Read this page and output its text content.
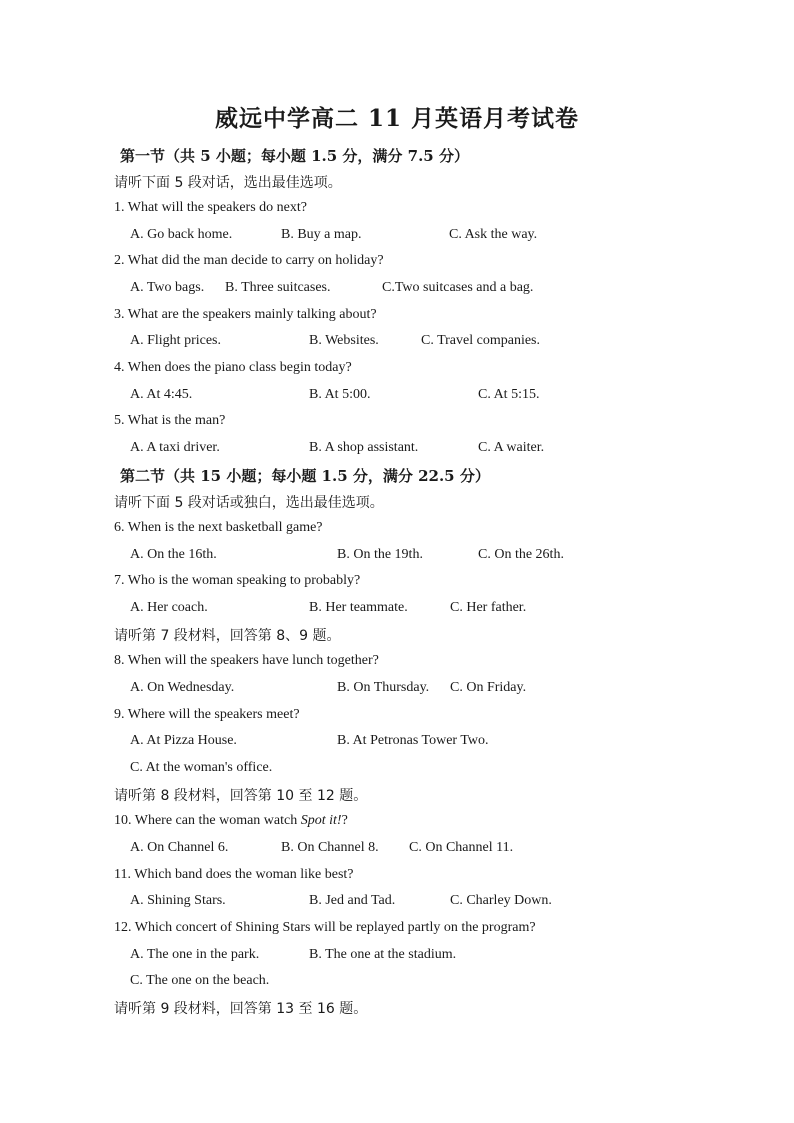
威远中学高二 11 月英语月考试卷
第一节（共 5 小题；每小题 1.5 分，满分 7.5 分）
请听下面 5 段对话，选出最佳选项。
1. What will the speakers do next?
A. Go back home.	B. Buy a map.	C. Ask the way.
2. What did the man decide to carry on holiday?
A. Two bags. B. Three suitcases.	C.Two suitcases and a bag.
3. What are the speakers mainly talking about?
A. Flight prices.	B. Websites.	C. Travel companies.
4. When does the piano class begin today?
A. At 4:45.	B. At 5:00.	C. At 5:15.
5. What is the man?
A. A taxi driver.	B. A shop assistant.	C. A waiter.
第二节（共 15 小题；每小题 1.5 分，满分 22.5 分）
请听下面 5 段对话或独白，选出最佳选项。
6. When is the next basketball game?
A. On the 16th.	B. On the 19th.	C. On the 26th.
7. Who is the woman speaking to probably?
A. Her coach.	B. Her teammate.	C. Her father.
请听第 7 段材料，回答第 8、9 题。
8. When will the speakers have lunch together?
A. On Wednesday.	B. On Thursday. C. On Friday.
9. Where will the speakers meet?
A. At Pizza House.	B. At Petronas Tower Two.
C. At the woman's office.
请听第 8 段材料，回答第 10 至 12 题。
10. Where can the woman watch Spot it!?
A. On Channel 6.	B. On Channel 8. C. On Channel 11.
11. Which band does the woman like best?
A. Shining Stars.	B. Jed and Tad.	C. Charley Down.
12. Which concert of Shining Stars will be replayed partly on the program?
A. The one in the park.	B. The one at the stadium.
C. The one on the beach.
请听第 9 段材料，回答第 13 至 16 题。
